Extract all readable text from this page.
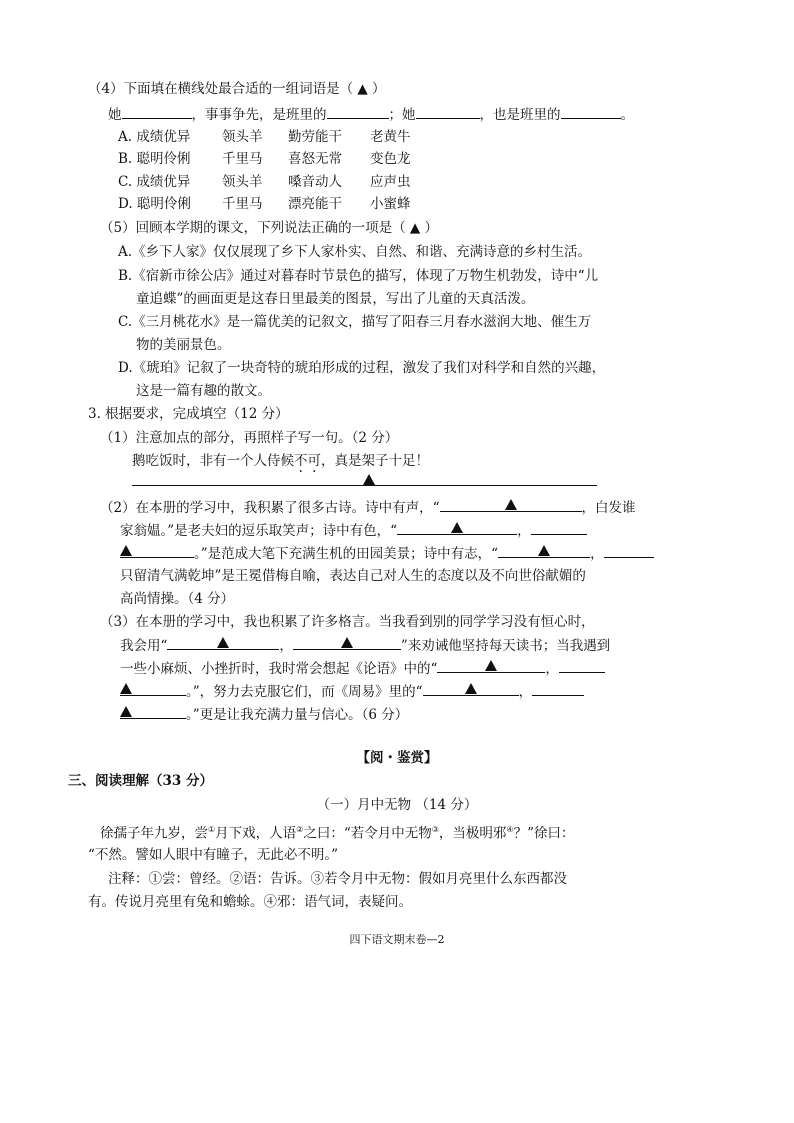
（4）下面填在横线处最合适的一组词语是（ ▲ ）
她	，事事争先，是班里的	；她	，也是班里的	。
A. 成绩优异 领头羊 勤劳能干 老黄牛
B. 聪明伶俐 千里马 喜怒无常 变色龙
C. 成绩优异 领头羊 嗓音动人 应声虫
D. 聪明伶俐 千里马 漂亮能干 小蜜蜂
（5）回顾本学期的课文，下列说法正确的一项是（ ▲ ）
A.《乡下人家》仅仅展现了乡下人家朴实、自然、和谐、充满诗意的乡村生活。
B.《宿新市徐公店》通过对暮春时节景色的描写，体现了万物生机勃发，诗中“儿
童追蝶”的画面更是这春日里最美的图景，写出了儿童的天真活泼。
C.《三月桃花水》是一篇优美的记叙文，描写了阳春三月春水滋润大地、催生万
物的美丽景色。
D.《琥珀》记叙了一块奇特的琥珀形成的过程，激发了我们对科学和自然的兴趣，
这是一篇有趣的散文。
3. 根据要求，完成填空（12 分）
（1）注意加点的部分，再照样子写一句。（2 分）
鹅吃饭时，非有一个人侍候不可，真是架子十足！
（2）在本册的学习中，我积累了很多古诗。诗中有声，“	，白发谁
家翁媪。”是老夫妇的逗乐取笑声；诗中有色，“	，
。”是范成大笔下充满生机的田园美景；诗中有志，“	，
只留清气满乾坤”是王冕借梅自喻，表达自己对人生的态度以及不向世俗献媚的
高尚情操。（4 分）
（3）在本册的学习中，我也积累了许多格言。当我看到别的同学学习没有恒心时，
我会用“	，	”来劝诫他坚持每天读书；当我遇到
一些小麻烦、小挫折时，我时常会想起《论语》中的“	，
。”，努力去克服它们，而《周易》里的“	，
。”更是让我充满力量与信心。（6 分）
【阅・鉴赏】
三、阅读理解（33 分）
（一）月中无物 （14 分）
徐孺子年九岁，尝①月下戏，人语②之曰：“若令月中无物③，当极明邪④？”徐曰：
“不然。譬如人眼中有瞳子，无此必不明。”
注释：①尝：曾经。②语：告诉。③若令月中无物：假如月亮里什么东西都没
有。传说月亮里有兔和蟾蜍。④邪：语气词，表疑问。
四下语文期末卷—2
